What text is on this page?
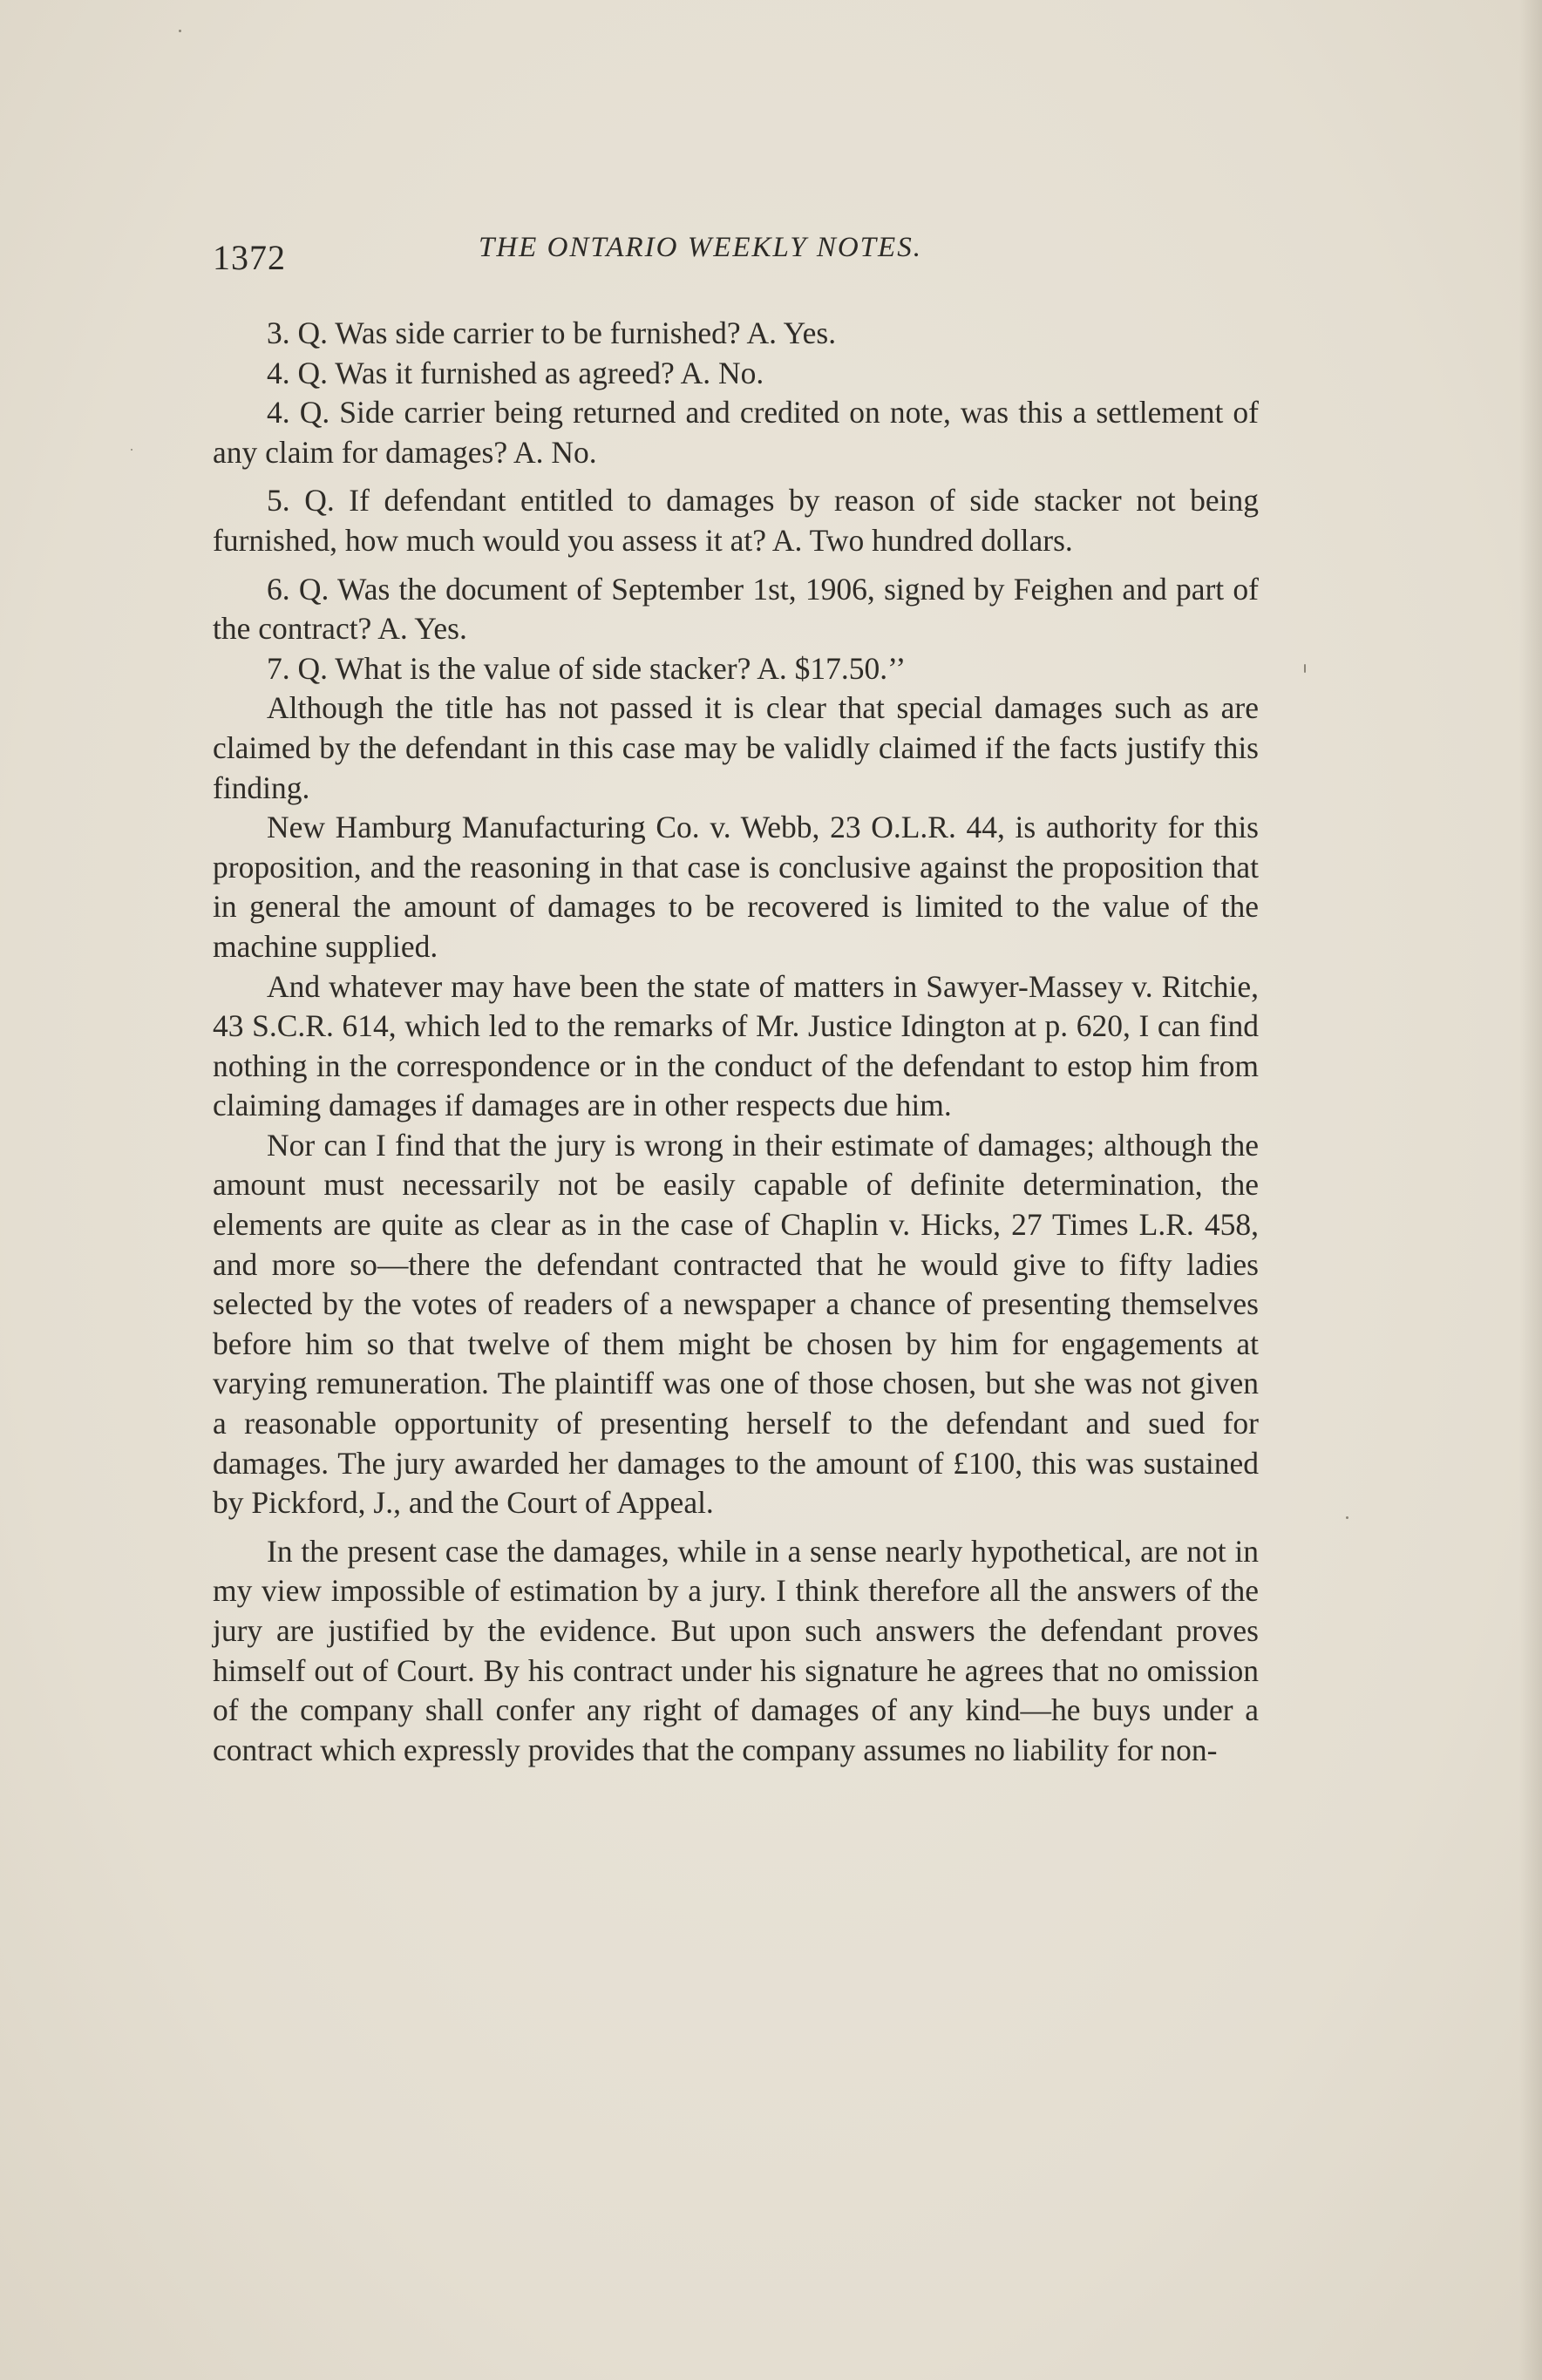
1372	THE ONTARIO WEEKLY NOTES.

3. Q. Was side carrier to be furnished? A. Yes.

4. Q. Was it furnished as agreed? A. No.

4. Q. Side carrier being returned and credited on note, was this a settlement of any claim for damages? A. No.

5. Q. If defendant entitled to damages by reason of side stacker not being furnished, how much would you assess it at? A. Two hundred dollars.

6. Q. Was the document of September 1st, 1906, signed by Feighen and part of the contract? A. Yes.

7. Q. What is the value of side stacker? A. $17.50.’’

Although the title has not passed it is clear that special damages such as are claimed by the defendant in this case may be validly claimed if the facts justify this finding.

New Hamburg Manufacturing Co. v. Webb, 23 O.L.R. 44, is authority for this proposition, and the reasoning in that case is conclusive against the proposition that in general the amount of damages to be recovered is limited to the value of the machine supplied.

And whatever may have been the state of matters in Sawyer-Massey v. Ritchie, 43 S.C.R. 614, which led to the remarks of Mr. Justice Idington at p. 620, I can find nothing in the correspondence or in the conduct of the defendant to estop him from claiming damages if damages are in other respects due him.

Nor can I find that the jury is wrong in their estimate of damages; although the amount must necessarily not be easily capable of definite determination, the elements are quite as clear as in the case of Chaplin v. Hicks, 27 Times L.R. 458, and more so—there the defendant contracted that he would give to fifty ladies selected by the votes of readers of a newspaper a chance of presenting themselves before him so that twelve of them might be chosen by him for engagements at varying remuneration. The plaintiff was one of those chosen, but she was not given a reasonable opportunity of presenting herself to the defendant and sued for damages. The jury awarded her damages to the amount of £100, this was sustained by Pickford, J., and the Court of Appeal.

In the present case the damages, while in a sense nearly hypothetical, are not in my view impossible of estimation by a jury. I think therefore all the answers of the jury are justified by the evidence. But upon such answers the defendant proves himself out of Court. By his contract under his signature he agrees that no omission of the company shall confer any right of damages of any kind—he buys under a contract which expressly provides that the company assumes no liability for non-
